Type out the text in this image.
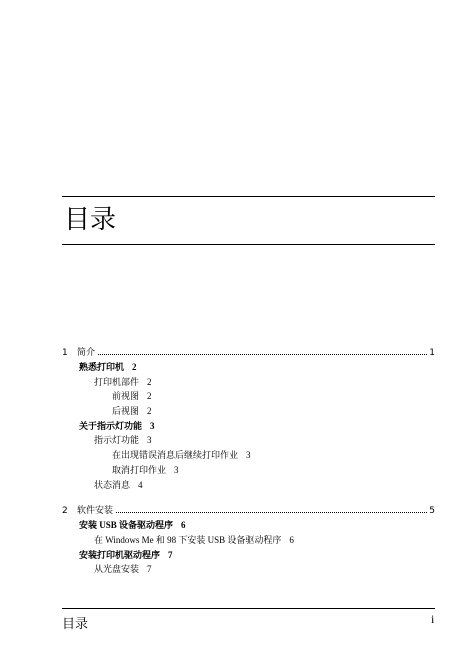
目录
1	简介	1
熟悉打印机 2
打印机部件 2
前视图 2
后视图 2
关于指示灯功能 3
指示灯功能 3
在出现错误消息后继续打印作业 3
取消打印作业 3
状态消息 4
2	软件安装	5
安装 USB 设备驱动程序 6
在 Windows Me 和 98 下安装 USB 设备驱动程序 6
安装打印机驱动程序 7
从光盘安装 7
目录	i
